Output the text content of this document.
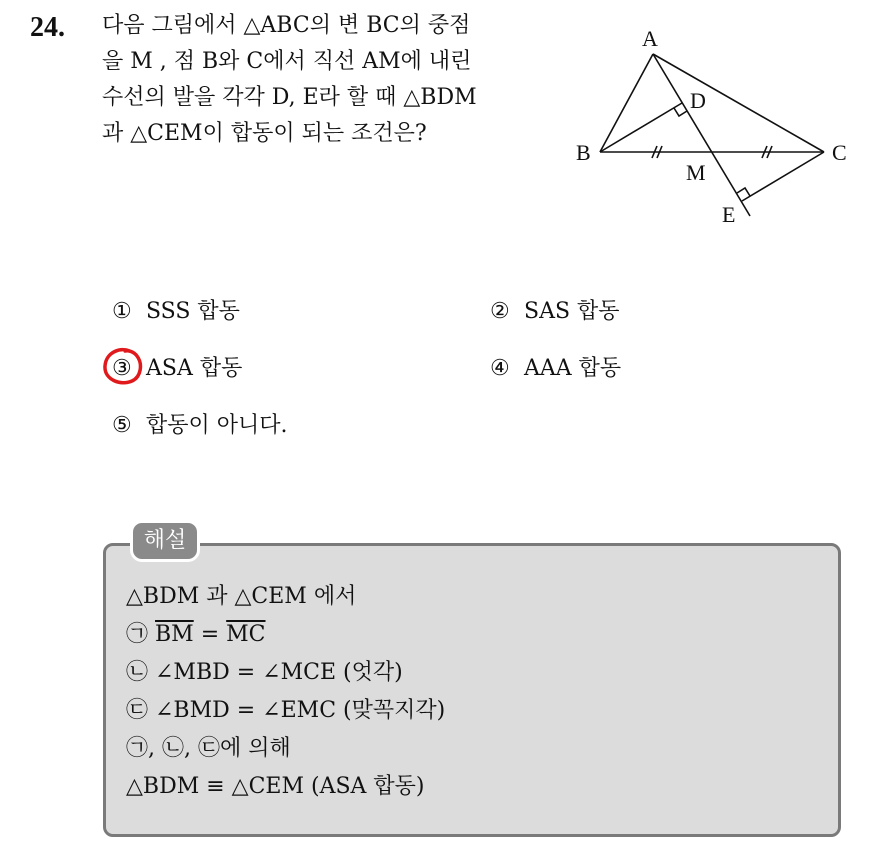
24. 다음 그림에서 △ABC의 변 BC의 중점
을 M , 점 B와 C에서 직선 AM에 내린
수선의 발을 각각 D, E라 할 때 △BDM
과 △CEM이 합동이 되는 조건은?
A
B	C
D
M
E
① SSS 합동	② SAS 합동
③ ASA 합동	④ AAA 합동
⑤ 합동이 아니다.
해설
△BDM 과 △CEM 에서
㉠ $\overline{BM} = \overline{MC}$
㉡ ∠MBD = ∠MCE (엇각)
㉢ ∠BMD = ∠EMC (맞꼭지각)
㉠, ㉡, ㉢에 의해
△BDM ≡ △CEM (ASA 합동)
